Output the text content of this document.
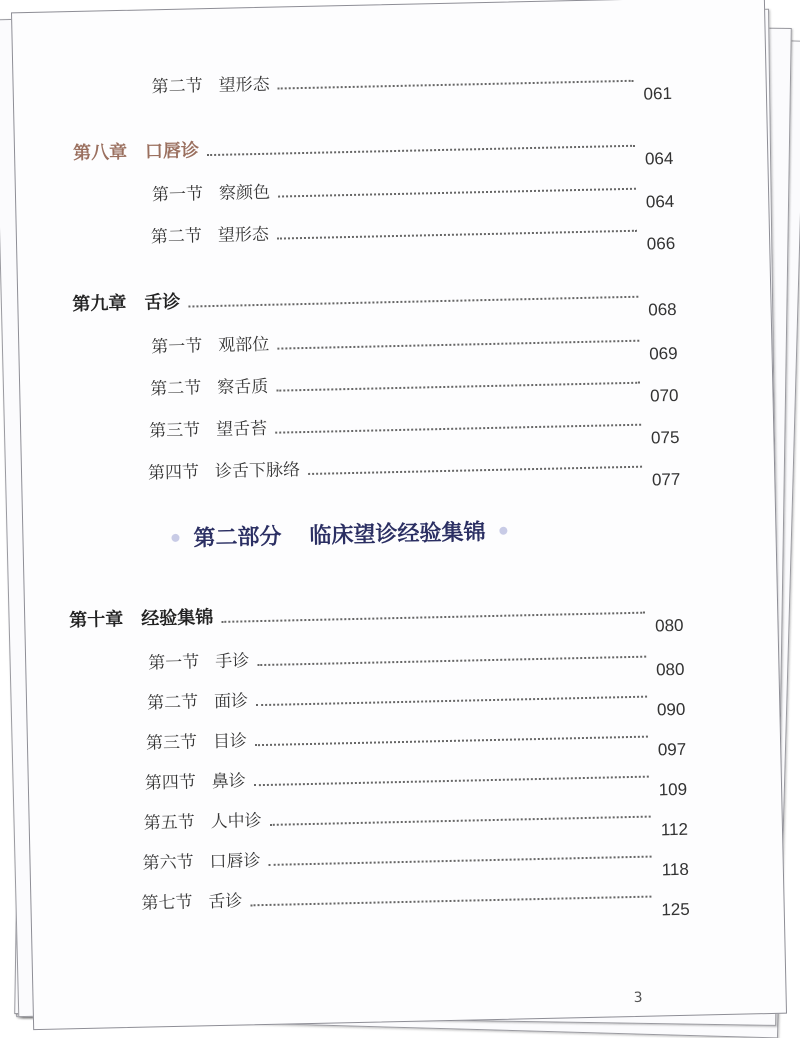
第二节 望形态	061
第八章 口唇诊	064
第一节 察颜色	064
第二节 望形态	066
第九章 舌诊	068
第一节 观部位	069
第二节 察舌质	070
第三节 望舌苔	075
第四节 诊舌下脉络	077
第二部分 临床望诊经验集锦
第十章 经验集锦	080
第一节 手诊	080
第二节 面诊	090
第三节 目诊	097
第四节 鼻诊	109
第五节 人中诊	112
第六节 口唇诊	118
第七节 舌诊	125
3
